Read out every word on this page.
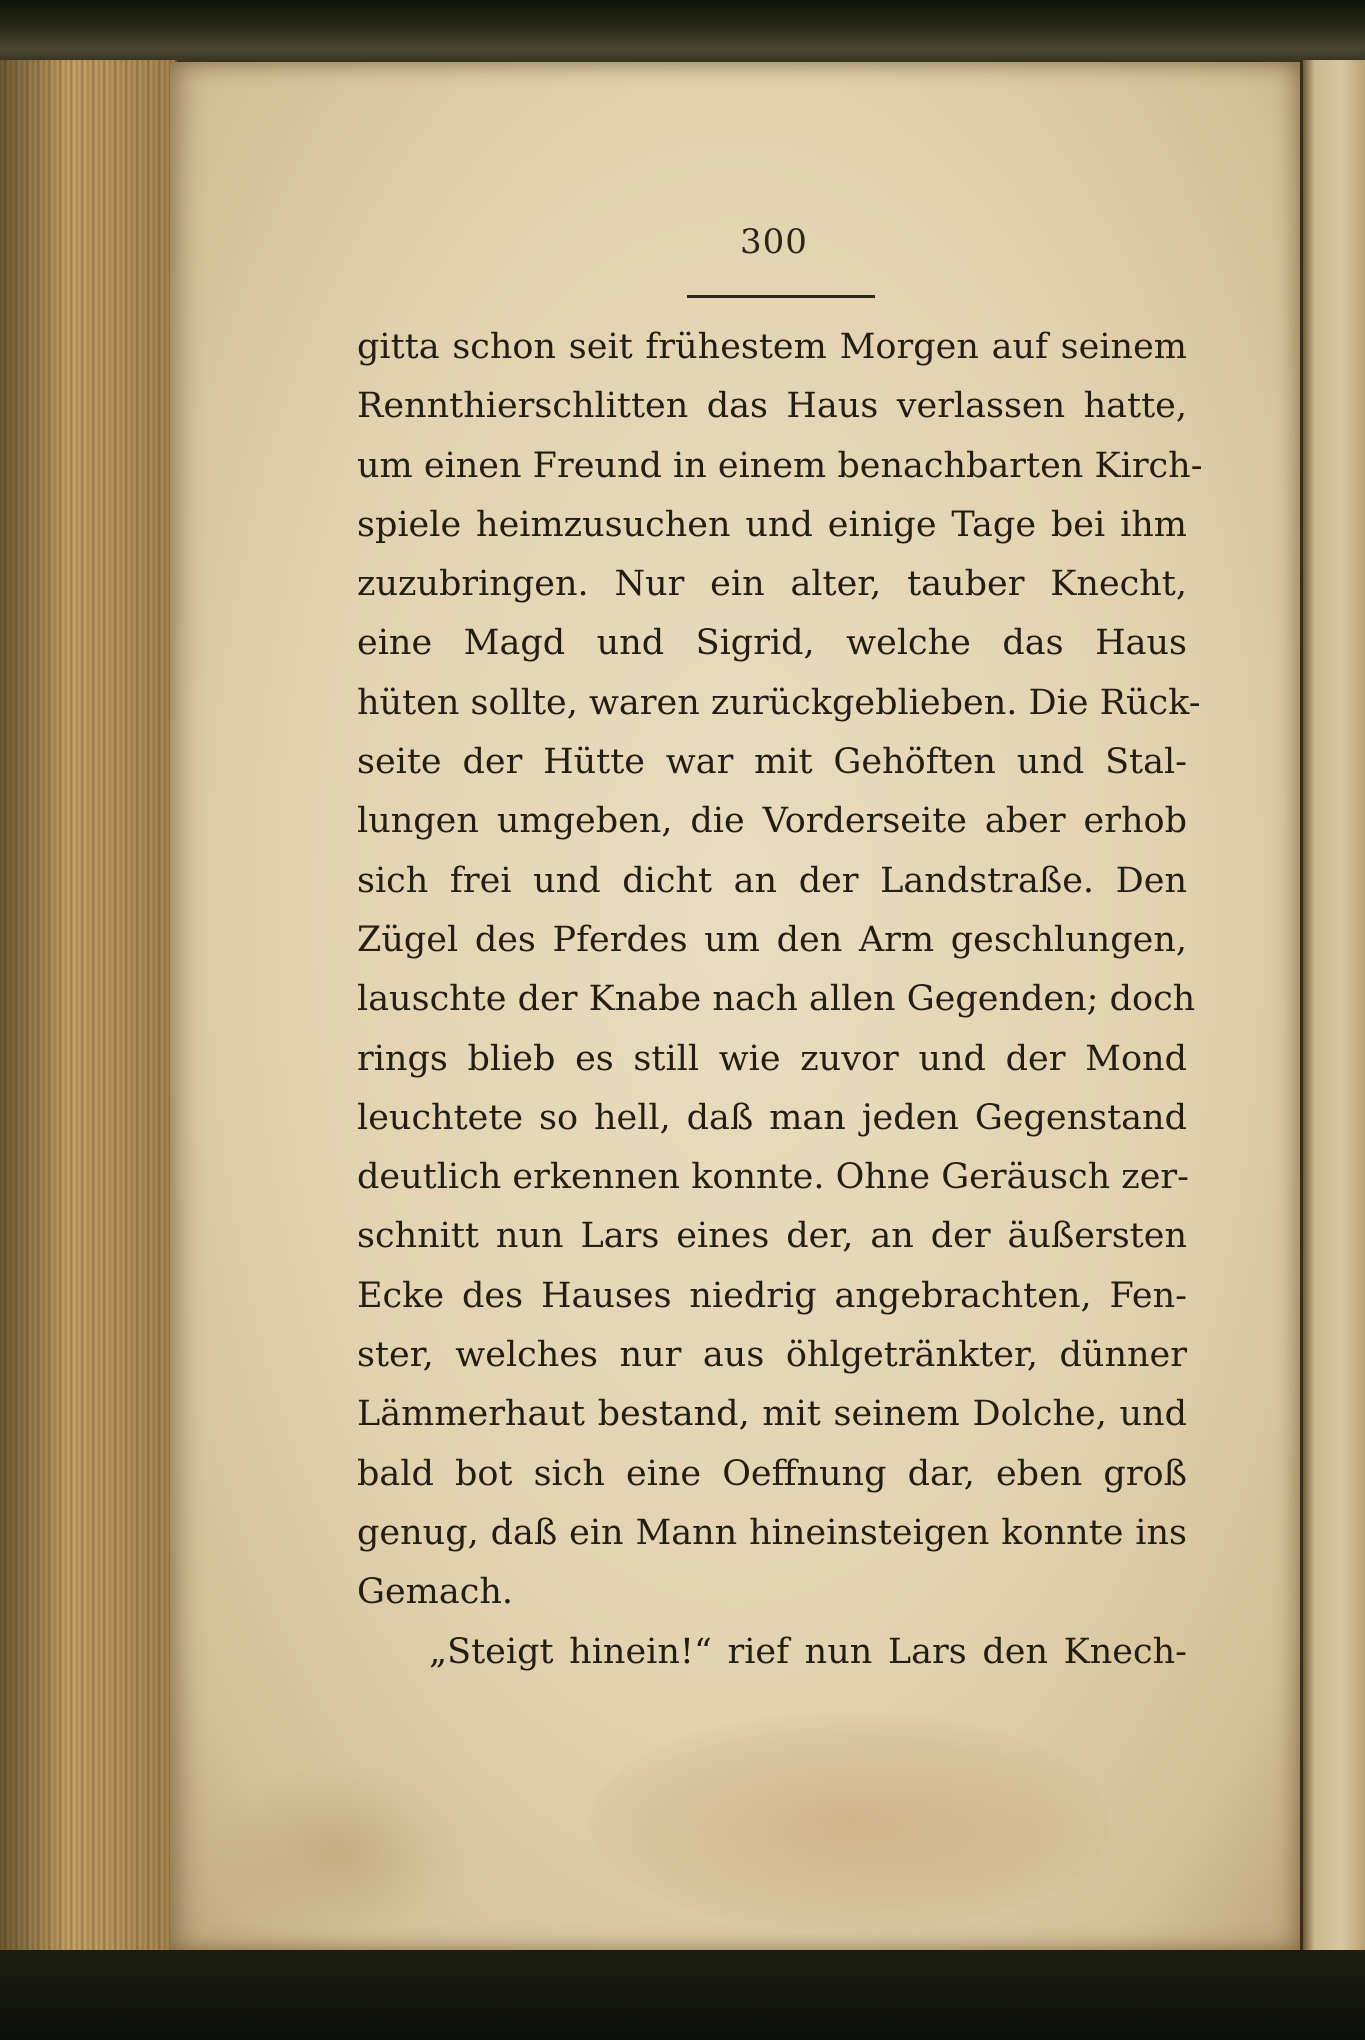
300
gitta schon seit frühestem Morgen auf seinem
Rennthierschlitten das Haus verlassen hatte,
um einen Freund in einem benachbarten Kirch-
spiele heimzusuchen und einige Tage bei ihm
zuzubringen. Nur ein alter, tauber Knecht,
eine Magd und Sigrid, welche das Haus
hüten sollte, waren zurückgeblieben. Die Rück-
seite der Hütte war mit Gehöften und Stal-
lungen umgeben, die Vorderseite aber erhob
sich frei und dicht an der Landstraße. Den
Zügel des Pferdes um den Arm geschlungen,
lauschte der Knabe nach allen Gegenden; doch
rings blieb es still wie zuvor und der Mond
leuchtete so hell, daß man jeden Gegenstand
deutlich erkennen konnte. Ohne Geräusch zer-
schnitt nun Lars eines der, an der äußersten
Ecke des Hauses niedrig angebrachten, Fen-
ster, welches nur aus öhlgetränkter, dünner
Lämmerhaut bestand, mit seinem Dolche, und
bald bot sich eine Oeffnung dar, eben groß
genug, daß ein Mann hineinsteigen konnte ins
Gemach.
„Steigt hinein!“ rief nun Lars den Knech-
